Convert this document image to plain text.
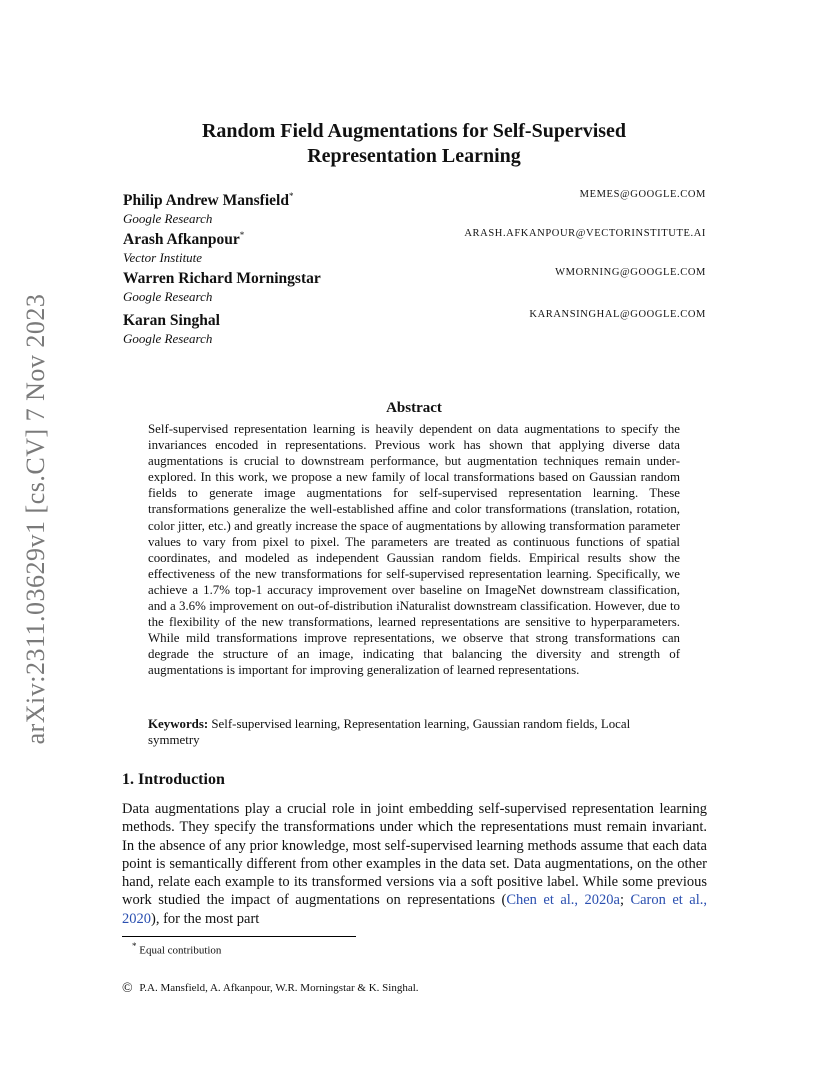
arXiv:2311.03629v1 [cs.CV] 7 Nov 2023
Random Field Augmentations for Self-Supervised
Representation Learning
Philip Andrew Mansfield*
Google Research
MEMES@GOOGLE.COM
Arash Afkanpour*
Vector Institute
ARASH.AFKANPOUR@VECTORINSTITUTE.AI
Warren Richard Morningstar
Google Research
WMORNING@GOOGLE.COM
Karan Singhal
Google Research
KARANSINGHAL@GOOGLE.COM
Abstract
Self-supervised representation learning is heavily dependent on data augmentations to specify the invariances encoded in representations. Previous work has shown that applying diverse data augmentations is crucial to downstream performance, but augmentation techniques remain under-explored. In this work, we propose a new family of local transformations based on Gaussian random fields to generate image augmentations for self-supervised representation learning. These transformations generalize the well-established affine and color transformations (translation, rotation, color jitter, etc.) and greatly increase the space of augmentations by allowing transformation parameter values to vary from pixel to pixel. The parameters are treated as continuous functions of spatial coordinates, and modeled as independent Gaussian random fields. Empirical results show the effectiveness of the new transformations for self-supervised representation learning. Specifically, we achieve a 1.7% top-1 accuracy improvement over baseline on ImageNet downstream classification, and a 3.6% improvement on out-of-distribution iNaturalist downstream classification. However, due to the flexibility of the new transformations, learned representations are sensitive to hyperparameters. While mild transformations improve representations, we observe that strong transformations can degrade the structure of an image, indicating that balancing the diversity and strength of augmentations is important for improving generalization of learned representations.
Keywords: Self-supervised learning, Representation learning, Gaussian random fields, Local symmetry
1. Introduction
Data augmentations play a crucial role in joint embedding self-supervised representation learning methods. They specify the transformations under which the representations must remain invariant. In the absence of any prior knowledge, most self-supervised learning methods assume that each data point is semantically different from other examples in the data set. Data augmentations, on the other hand, relate each example to its transformed versions via a soft positive label. While some previous work studied the impact of augmentations on representations (Chen et al., 2020a; Caron et al., 2020), for the most part
* Equal contribution
© P.A. Mansfield, A. Afkanpour, W.R. Morningstar & K. Singhal.
